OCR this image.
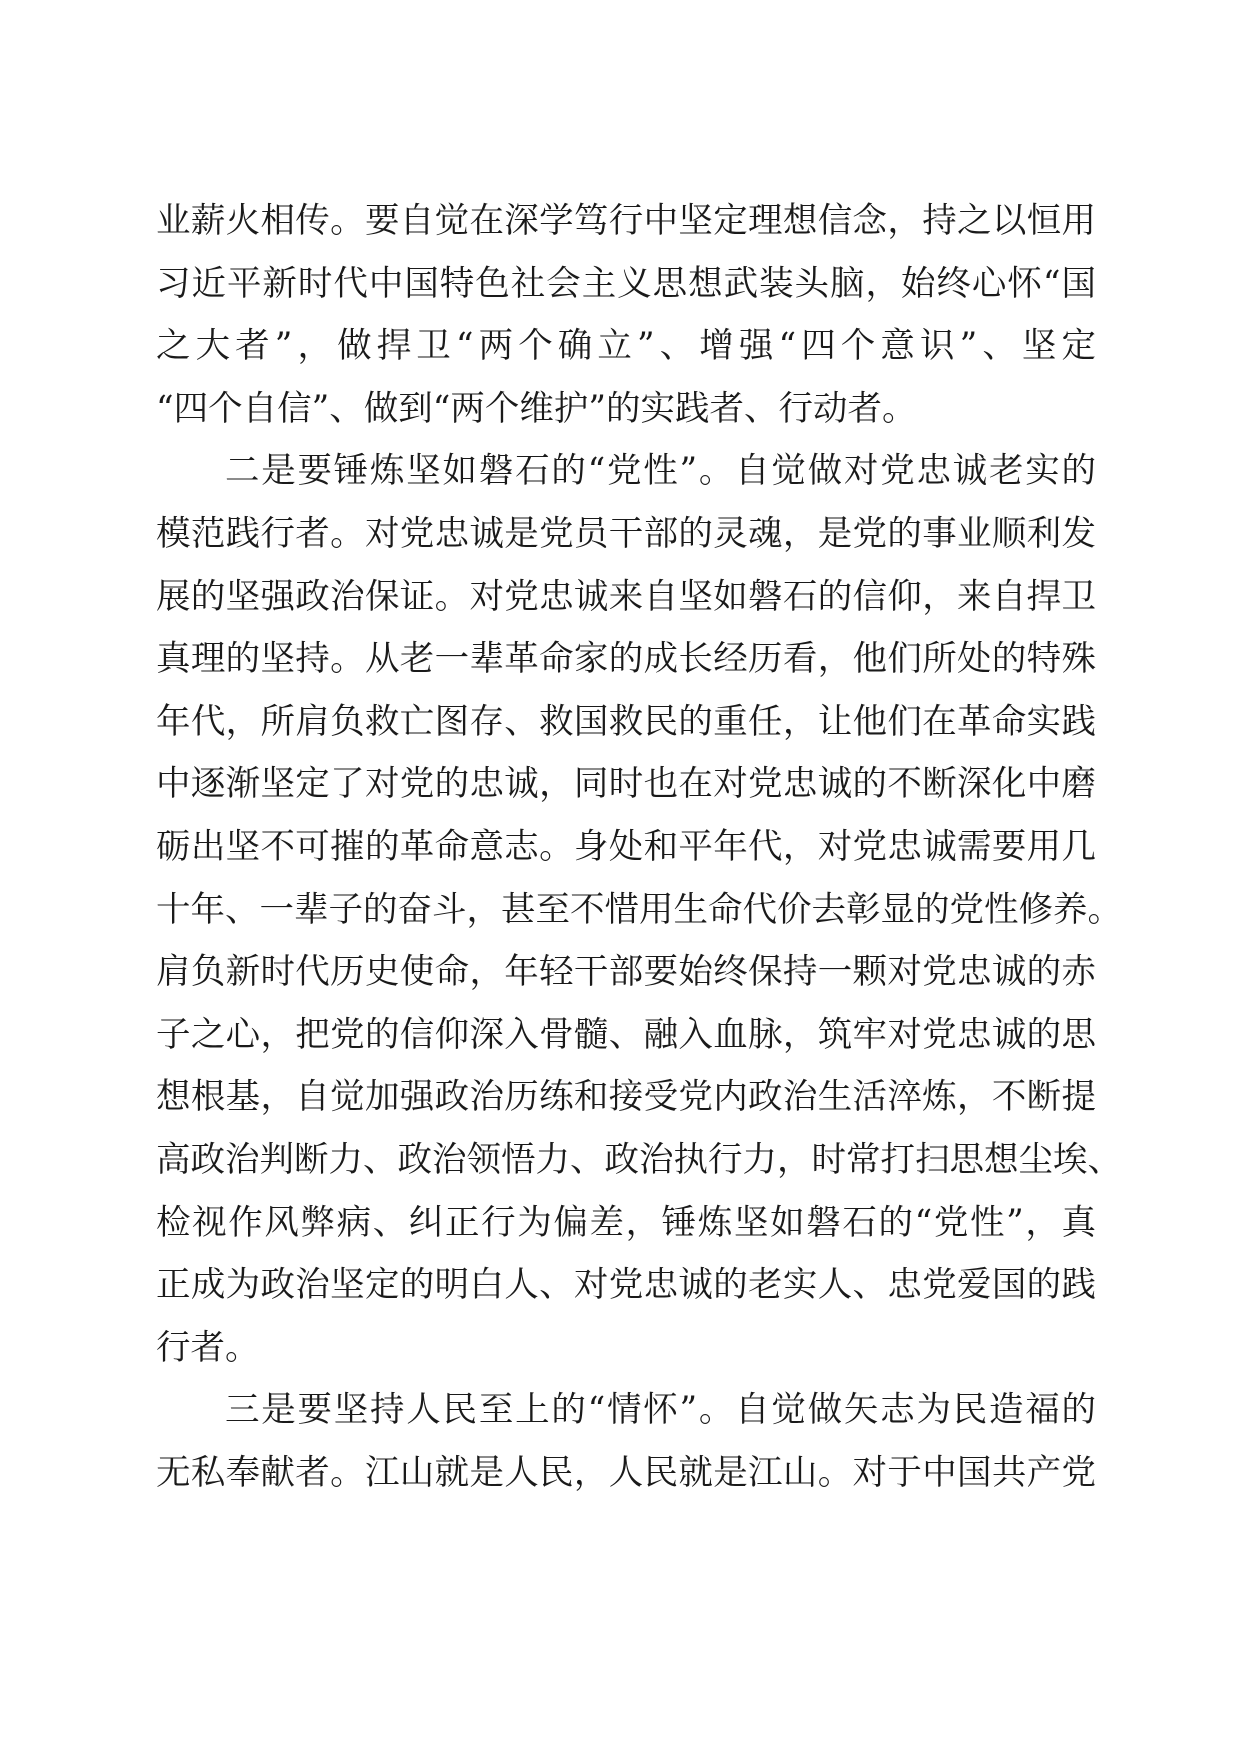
业薪火相传。要自觉在深学笃行中坚定理想信念，持之以恒用
习近平新时代中国特色社会主义思想武装头脑，始终心怀“国
之大者”，做捍卫“两个确立”、增强“四个意识”、坚定
“四个自信”、做到“两个维护”的实践者、行动者。
二是要锤炼坚如磐石的“党性”。自觉做对党忠诚老实的
模范践行者。对党忠诚是党员干部的灵魂，是党的事业顺利发
展的坚强政治保证。对党忠诚来自坚如磐石的信仰，来自捍卫
真理的坚持。从老一辈革命家的成长经历看，他们所处的特殊
年代，所肩负救亡图存、救国救民的重任，让他们在革命实践
中逐渐坚定了对党的忠诚，同时也在对党忠诚的不断深化中磨
砺出坚不可摧的革命意志。身处和平年代，对党忠诚需要用几
十年、一辈子的奋斗，甚至不惜用生命代价去彰显的党性修养。
肩负新时代历史使命，年轻干部要始终保持一颗对党忠诚的赤
子之心，把党的信仰深入骨髓、融入血脉，筑牢对党忠诚的思
想根基，自觉加强政治历练和接受党内政治生活淬炼，不断提
高政治判断力、政治领悟力、政治执行力，时常打扫思想尘埃、
检视作风弊病、纠正行为偏差，锤炼坚如磐石的“党性”，真
正成为政治坚定的明白人、对党忠诚的老实人、忠党爱国的践
行者。
三是要坚持人民至上的“情怀”。自觉做矢志为民造福的
无私奉献者。江山就是人民，人民就是江山。对于中国共产党
